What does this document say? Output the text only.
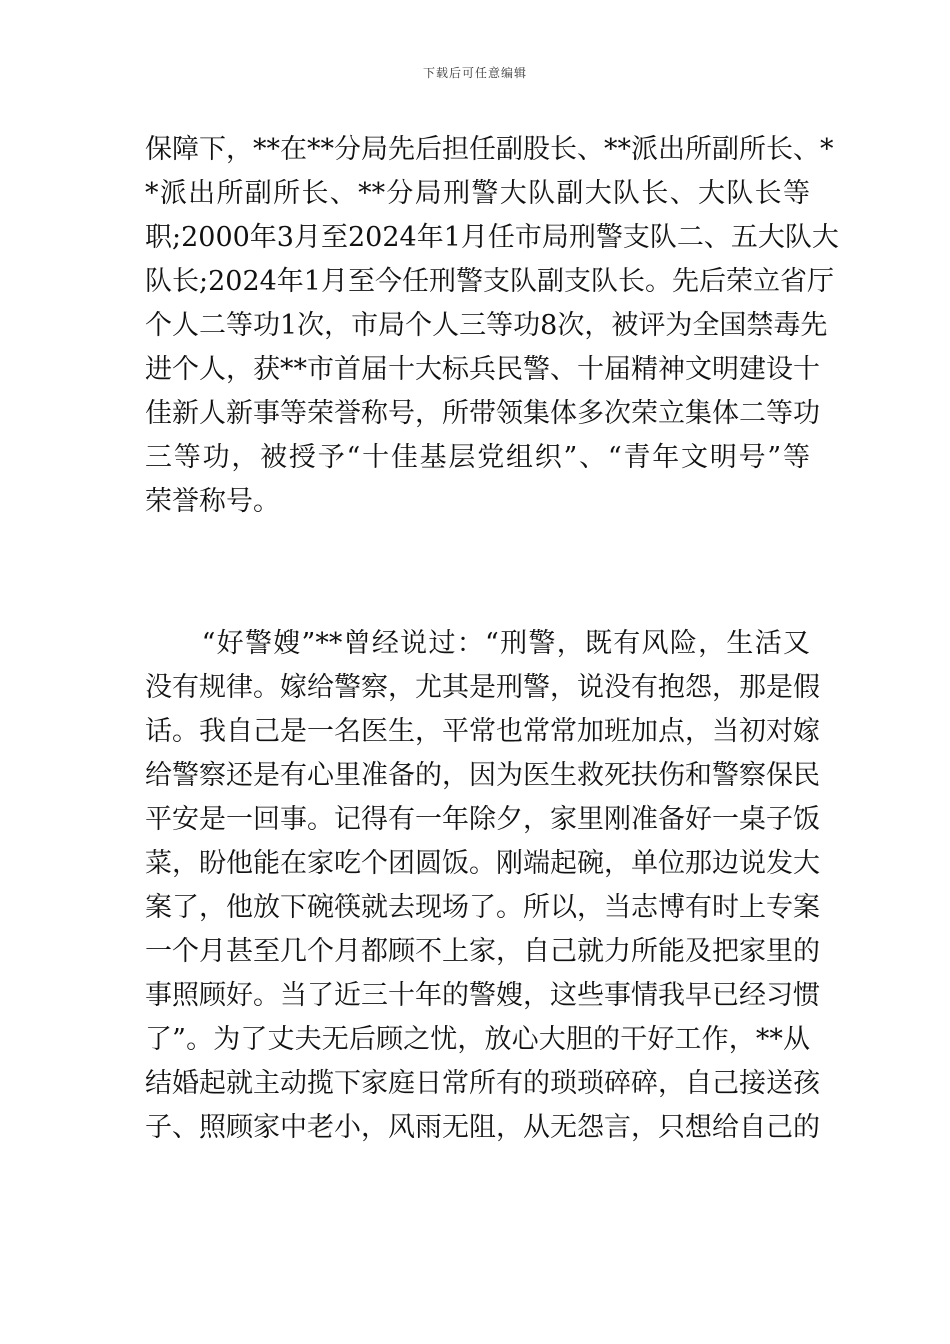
下载后可任意编辑
保障下，**在**分局先后担任副股长、**派出所副所长、*
*派出所副所长、**分局刑警大队副大队长、大队长等
职;2000年3月至2024年1月任市局刑警支队二、五大队大
队长;2024年1月至今任刑警支队副支队长。先后荣立省厅
个人二等功1次，市局个人三等功8次，被评为全国禁毒先
进个人，获**市首届十大标兵民警、十届精神文明建设十
佳新人新事等荣誉称号，所带领集体多次荣立集体二等功
三等功，被授予“十佳基层党组织”、“青年文明号”等
荣誉称号。
　　“好警嫂”**曾经说过：“刑警，既有风险，生活又
没有规律。嫁给警察，尤其是刑警，说没有抱怨，那是假
话。我自己是一名医生，平常也常常加班加点，当初对嫁
给警察还是有心里准备的，因为医生救死扶伤和警察保民
平安是一回事。记得有一年除夕，家里刚准备好一桌子饭
菜，盼他能在家吃个团圆饭。刚端起碗，单位那边说发大
案了，他放下碗筷就去现场了。所以，当志博有时上专案
一个月甚至几个月都顾不上家，自己就力所能及把家里的
事照顾好。当了近三十年的警嫂，这些事情我早已经习惯
了”。为了丈夫无后顾之忧，放心大胆的干好工作，**从
结婚起就主动揽下家庭日常所有的琐琐碎碎，自己接送孩
子、照顾家中老小，风雨无阻，从无怨言，只想给自己的
